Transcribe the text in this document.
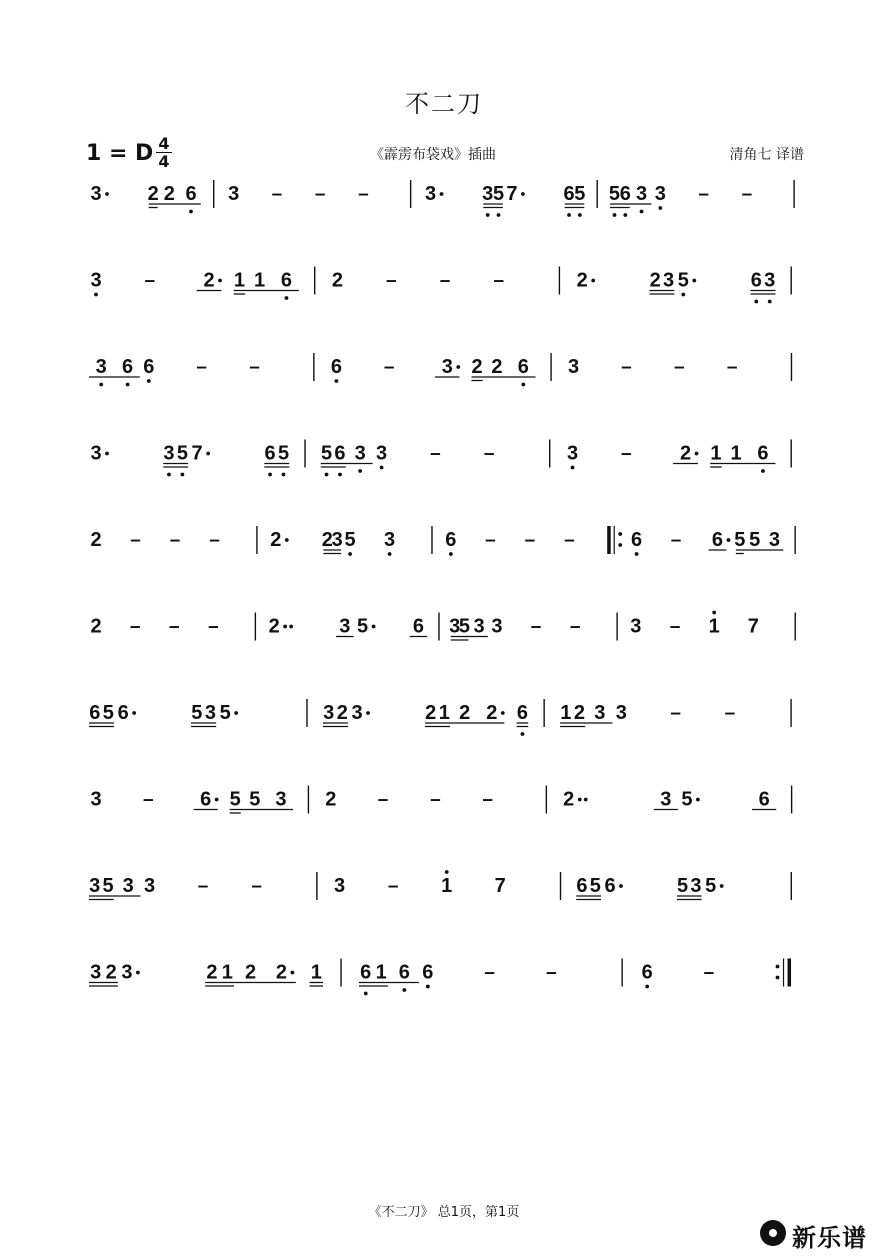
不二刀
1 = D 4
4	《霹雳布袋戏》插曲	清角七 译谱
3 2 2 6 3 – – –	3 3 5 7 6 5 5 6 3 3 – –
3 – 2 1 1 6 2 – – –	2	2 3 5	6 3
3 6 6 – –	6 – 3 2 2 6 3 – – –
3	3 5 7	6 5 5 6 3 3 – –	3 – 2 1 1 6
2 – – –	2 2
3 5 3	6 – – –	6 – 6 5 5 3
2 – – – 2	3 5 6 3
5 3 3 – – 3 – 1 7
6 5 6	5 3 5	3 2 3	2 1 2 2 6 1 2 3 3 – –
3 – 6 5 5 3 2 – – –	2	3 5	6
3 5 3 3 – –	3 – 1 7	6 5 6	5 3 5
3 2 3	2 1 2 2 1 6 1 6 6	–	–	6	–
《不二刀》 总1页，第1页
新乐谱
